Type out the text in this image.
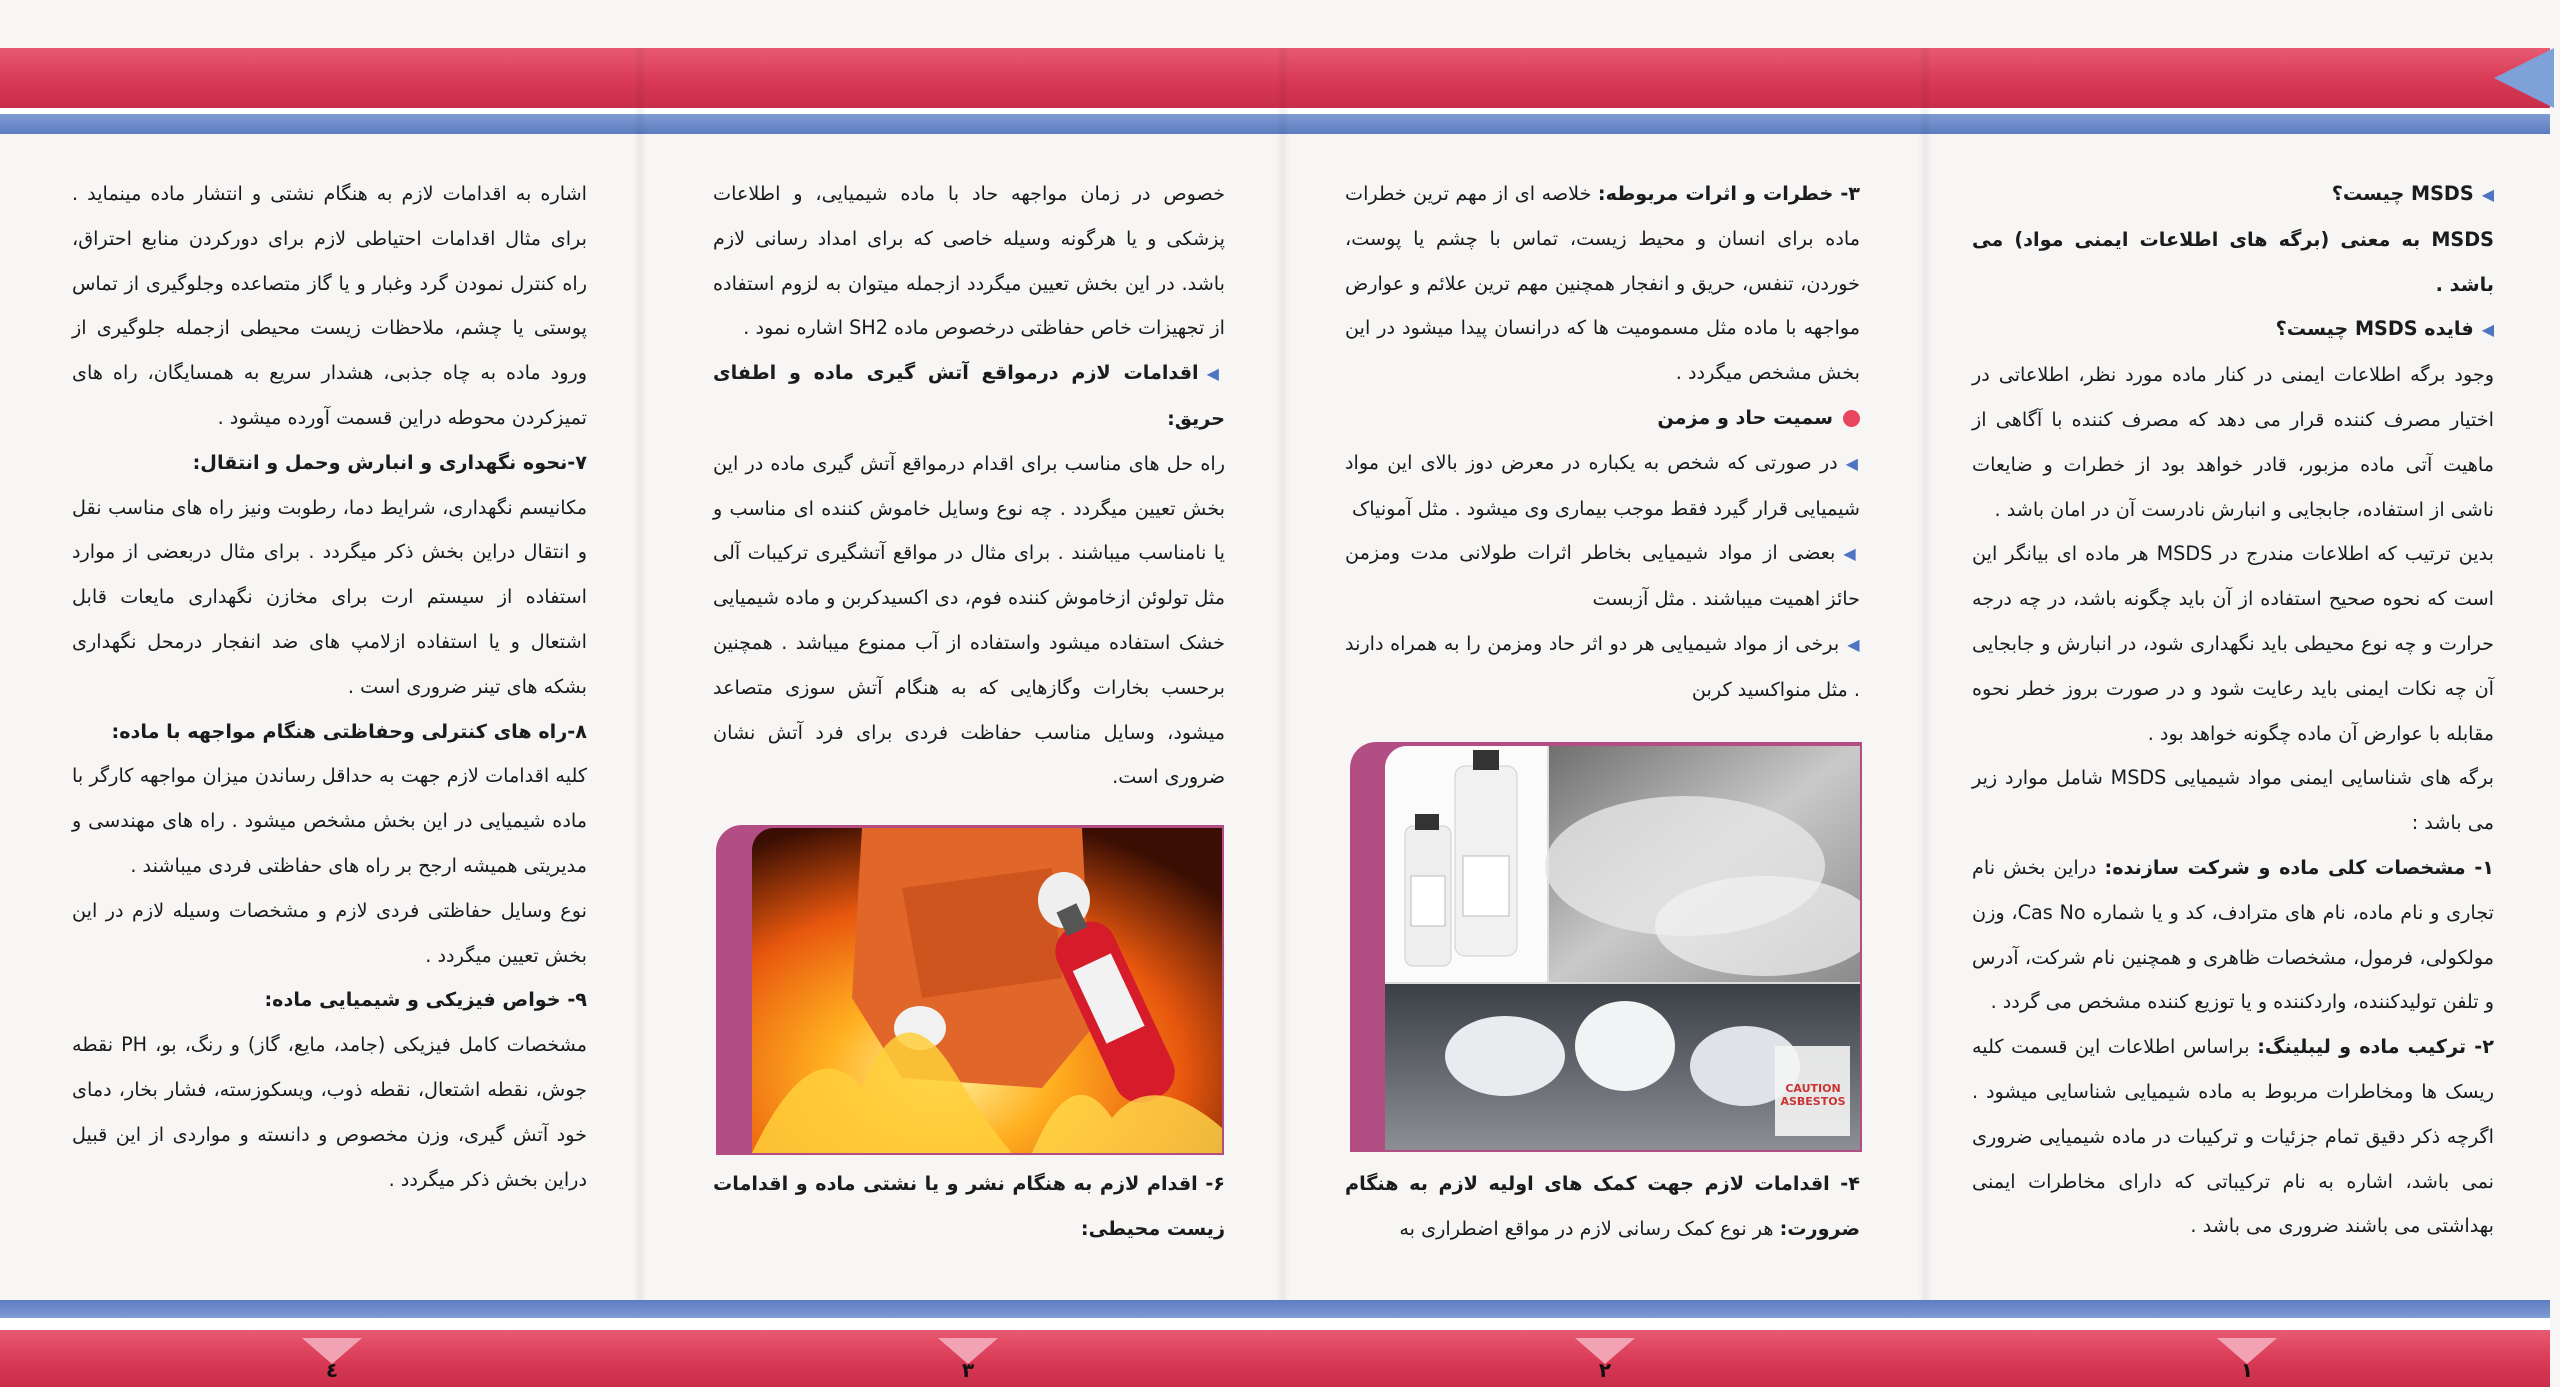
◀MSDS چیست؟

MSDS به معنی (برگه های اطلاعات ایمنی مواد) می باشد .

◀فایده MSDS چیست؟

وجود برگه اطلاعات ایمنی در کنار ماده مورد نظر، اطلاعاتی در اختیار مصرف کننده قرار می دهد که مصرف کننده با آگاهی از ماهیت آتی ماده مزبور، قادر خواهد بود از خطرات و ضایعات ناشی از استفاده، جابجایی و انبارش نادرست آن در امان باشد .

بدین ترتیب که اطلاعات مندرج در MSDS هر ماده ای بیانگر این است که نحوه صحیح استفاده از آن باید چگونه باشد، در چه درجه حرارت و چه نوع محیطی باید نگهداری شود، در انبارش و جابجایی آن چه نکات ایمنی باید رعایت شود و در صورت بروز خطر نحوه مقابله با عوارض آن ماده چگونه خواهد بود .

برگه های شناسایی ایمنی مواد شیمیایی MSDS شامل موارد زیر می باشد :

۱- مشخصات کلی ماده و شرکت سازنده: دراین بخش نام تجاری و نام ماده، نام های مترادف، کد و یا شماره Cas No، وزن مولکولی، فرمول، مشخصات ظاهری و همچنین نام شرکت، آدرس و تلفن تولیدکننده، واردکننده و یا توزیع کننده مشخص می گردد .

۲- ترکیب ماده و لیبلینگ: براساس اطلاعات این قسمت کلیه ریسک ها ومخاطرات مربوط به ماده شیمیایی شناسایی میشود . اگرچه ذکر دقیق تمام جزئیات و ترکیبات در ماده شیمیایی ضروری نمی باشد، اشاره به نام ترکیباتی که دارای مخاطرات ایمنی بهداشتی می باشند ضروری می باشد .

۳- خطرات و اثرات مربوطه: خلاصه ای از مهم ترین خطرات ماده برای انسان و محیط زیست، تماس با چشم یا پوست، خوردن، تنفس، حریق و انفجار همچنین مهم ترین علائم و عوارض مواجهه با ماده مثل مسمومیت ها که درانسان پیدا میشود در این بخش مشخص میگردد .

سمیت حاد و مزمن

◀در صورتی که شخص به یکباره در معرض دوز بالای این مواد شیمیایی قرار گیرد فقط موجب بیماری وی میشود . مثل آمونیاک

◀بعضی از مواد شیمیایی بخاطر اثرات طولانی مدت ومزمن حائز اهمیت میباشند . مثل آزبست

◀برخی از مواد شیمیایی هر دو اثر حاد ومزمن را به همراه دارند . مثل منواکسید کربن

CAUTION ASBESTOS

۴- اقدامات لازم جهت کمک های اولیه لازم به هنگام ضرورت: هر نوع کمک رسانی لازم در مواقع اضطراری به

خصوص در زمان مواجهه حاد با ماده شیمیایی، و اطلاعات پزشکی و یا هرگونه وسیله خاصی که برای امداد رسانی لازم باشد. در این بخش تعیین میگردد ازجمله میتوان به لزوم استفاده از تجهیزات خاص حفاظتی درخصوص ماده SH2 اشاره نمود .

◀اقدامات لازم درمواقع آتش گیری ماده و اطفای حریق:

راه حل های مناسب برای اقدام درمواقع آتش گیری ماده در این بخش تعیین میگردد . چه نوع وسایل خاموش کننده ای مناسب و یا نامناسب میباشند . برای مثال در مواقع آتشگیری ترکیبات آلی مثل تولوئن ازخاموش کننده فوم، دی اکسیدکربن و ماده شیمیایی خشک استفاده میشود واستفاده از آب ممنوع میباشد . همچنین برحسب بخارات وگازهایی که به هنگام آتش سوزی متصاعد میشود، وسایل مناسب حفاظت فردی برای فرد آتش نشان ضروری است.

۶- اقدام لازم به هنگام نشر و یا نشتی ماده و اقدامات زیست محیطی:

اشاره به اقدامات لازم به هنگام نشتی و انتشار ماده مینماید . برای مثال اقدامات احتیاطی لازم برای دورکردن منابع احتراق، راه کنترل نمودن گرد وغبار و یا گاز متصاعده وجلوگیری از تماس پوستی یا چشم، ملاحظات زیست محیطی ازجمله جلوگیری از ورود ماده به چاه جذبی، هشدار سریع به همسایگان، راه های تمیزکردن محوطه دراین قسمت آورده میشود .

۷-نحوه نگهداری و انبارش وحمل و انتقال:

مکانیسم نگهداری، شرایط دما، رطوبت ونیز راه های مناسب نقل و انتقال دراین بخش ذکر میگردد . برای مثال دربعضی از موارد استفاده از سیستم ارت برای مخازن نگهداری مایعات قابل اشتعال و یا استفاده ازلامپ های ضد انفجار درمحل نگهداری بشکه های تینر ضروری است .

۸-راه های کنترلی وحفاظتی هنگام مواجهه با ماده:

کلیه اقدامات لازم جهت به حداقل رساندن میزان مواجهه کارگر با ماده شیمیایی در این بخش مشخص میشود . راه های مهندسی و مدیریتی همیشه ارجح بر راه های حفاظتی فردی میباشند .

نوع وسایل حفاظتی فردی لازم و مشخصات وسیله لازم در این بخش تعیین میگردد .

۹- خواص فیزیکی و شیمیایی ماده:

مشخصات کامل فیزیکی (جامد، مایع، گاز) و رنگ، بو، PH نقطه جوش، نقطه اشتعال، نقطه ذوب، ویسکوزسته، فشار بخار، دمای خود آتش گیری، وزن مخصوص و دانسته و مواردی از این قبیل دراین بخش ذکر میگردد .

١
٢
٣
٤
